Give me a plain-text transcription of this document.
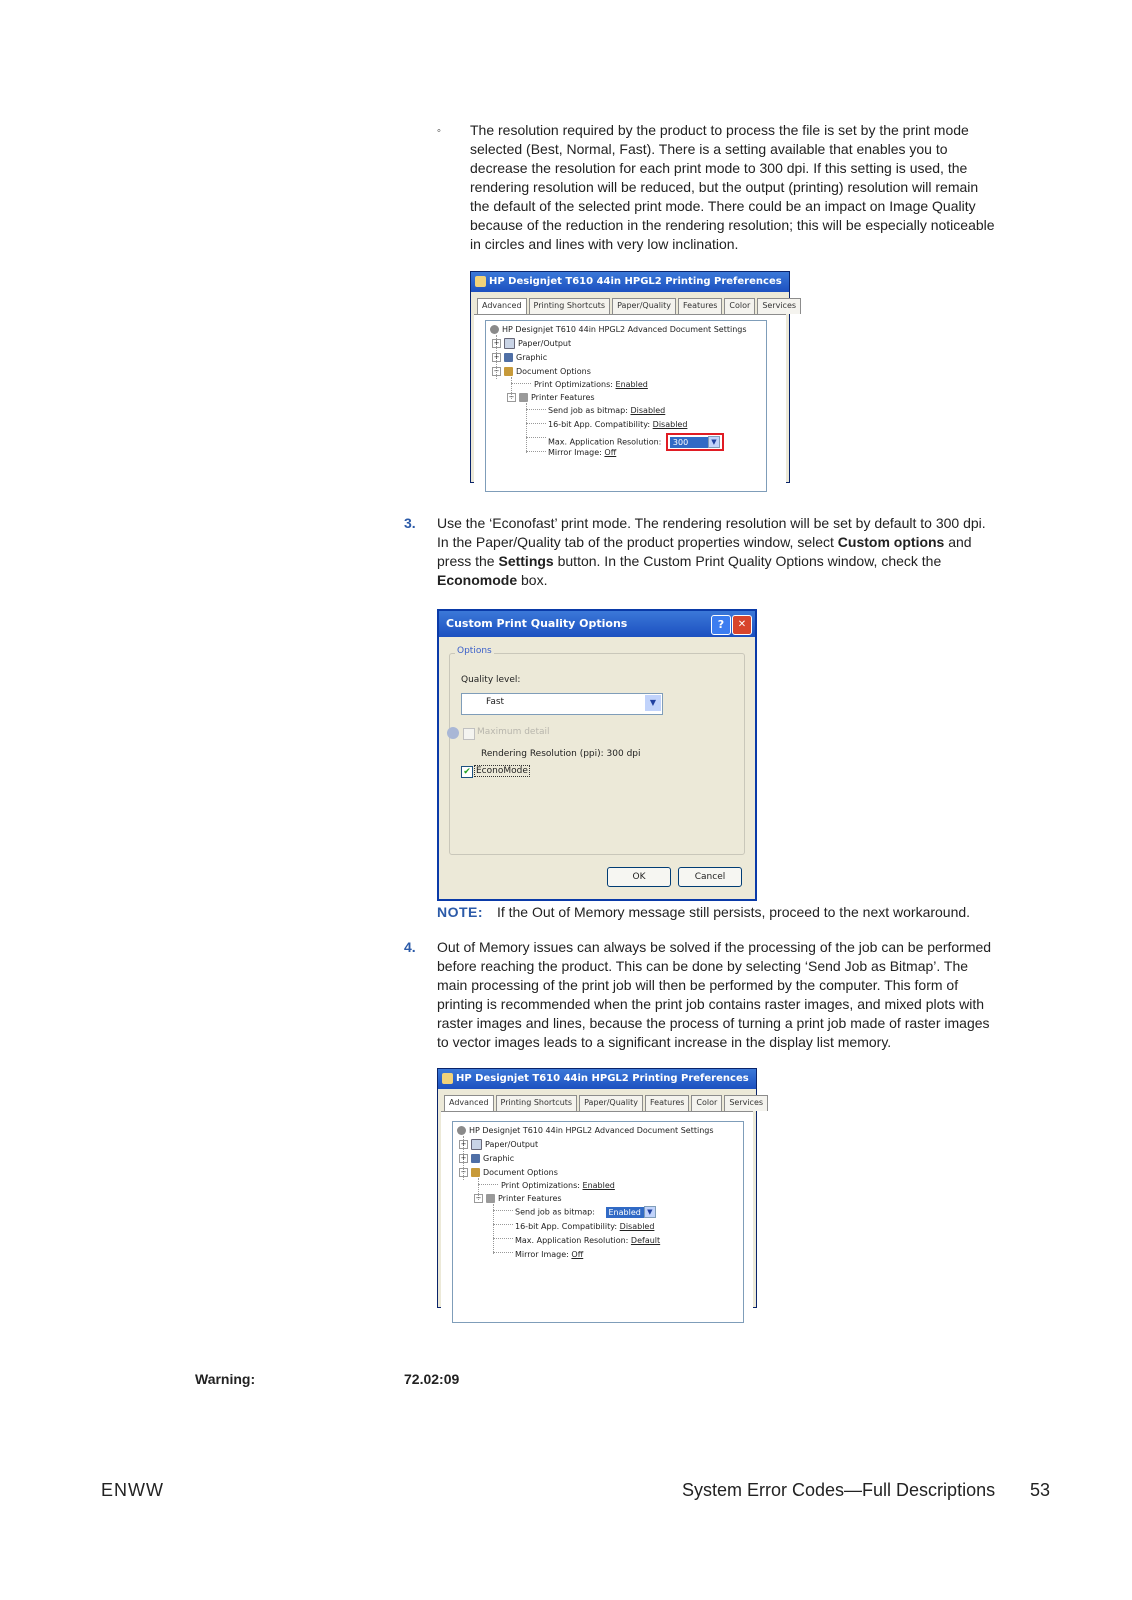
◦ The resolution required by the product to process the file is set by the print mode
selected (Best, Normal, Fast). There is a setting available that enables you to
decrease the resolution for each print mode to 300 dpi. If this setting is used, the
rendering resolution will be reduced, but the output (printing) resolution will remain
the default of the selected print mode. There could be an impact on Image Quality
because of the reduction in the rendering resolution; this will be especially noticeable
in circles and lines with very low inclination.
HP Designjet T610 44in HPGL2 Printing Preferences
Advanced	Printing Shortcuts	Paper/Quality	Features	Color	Services
HP Designjet T610 44in HPGL2 Advanced Document Settings
+ Paper/Output
+ Graphic
− Document Options
Print Optimizations: Enabled
− Printer Features
Send job as bitmap: Disabled
16-bit App. Compatibility: Disabled
Max. Application Resolution: 300	▼
Mirror Image: Off
3. Use the ‘Econofast’ print mode. The rendering resolution will be set by default to 300 dpi.
In the Paper/Quality tab of the product properties window, select Custom options and
press the Settings button. In the Custom Print Quality Options window, check the
Economode box.
Custom Print Quality Options	?	✕
Options
Quality level:
Fast	▼
Maximum detail
Rendering Resolution (ppi): 300 dpi
✔ EconoMode
OK	Cancel
NOTE: If the Out of Memory message still persists, proceed to the next workaround.
4. Out of Memory issues can always be solved if the processing of the job can be performed
before reaching the product. This can be done by selecting ‘Send Job as Bitmap’. The
main processing of the print job will then be performed by the computer. This form of
printing is recommended when the print job contains raster images, and mixed plots with
raster images and lines, because the process of turning a print job made of raster images
to vector images leads to a significant increase in the display list memory.
HP Designjet T610 44in HPGL2 Printing Preferences
Advanced	Printing Shortcuts	Paper/Quality	Features	Color	Services
HP Designjet T610 44in HPGL2 Advanced Document Settings
+ Paper/Output
+ Graphic
− Document Options
Print Optimizations: Enabled
− Printer Features
Send job as bitmap: Enabled ▼
16-bit App. Compatibility: Disabled
Max. Application Resolution: Default
Mirror Image: Off
Warning:	72.02:09
ENWW	System Error Codes—Full Descriptions 53
